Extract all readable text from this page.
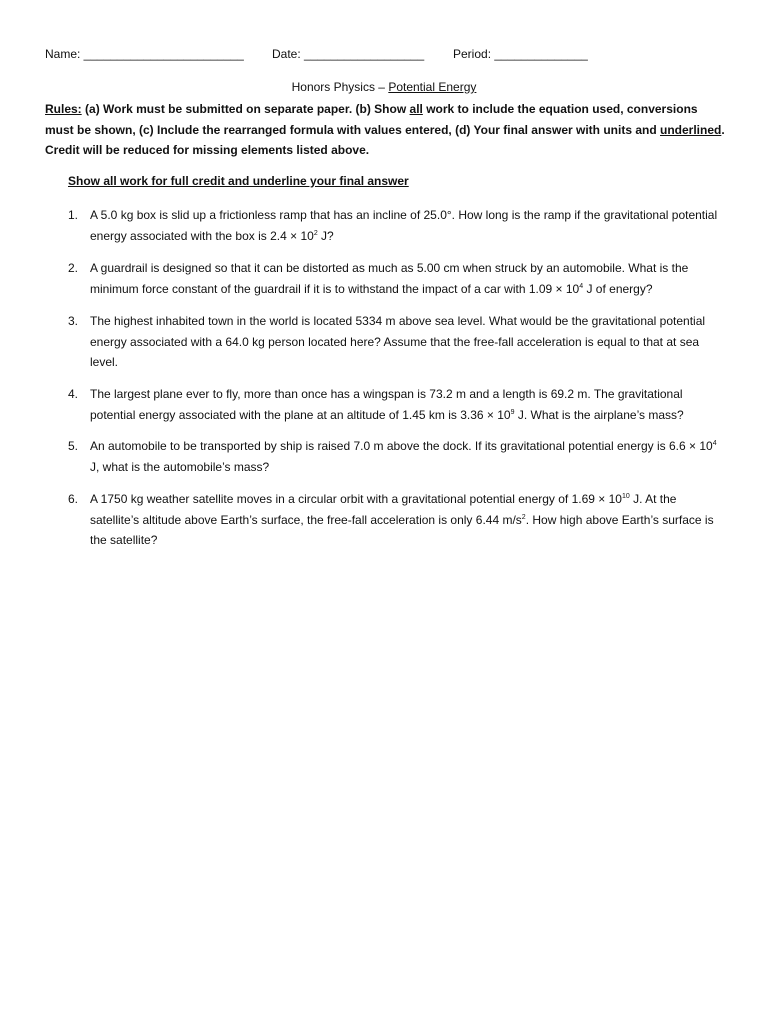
Name: ________________________ Date: __________________ Period: ______________
Honors Physics – Potential Energy
Rules: (a) Work must be submitted on separate paper. (b) Show all work to include the equation used, conversions must be shown, (c) Include the rearranged formula with values entered, (d) Your final answer with units and underlined. Credit will be reduced for missing elements listed above.
Show all work for full credit and underline your final answer
1. A 5.0 kg box is slid up a frictionless ramp that has an incline of 25.0°. How long is the ramp if the gravitational potential energy associated with the box is $2.4 \times 10^2$ J?
2. A guardrail is designed so that it can be distorted as much as 5.00 cm when struck by an automobile. What is the minimum force constant of the guardrail if it is to withstand the impact of a car with $1.09 \times 10^4$ J of energy?
3. The highest inhabited town in the world is located 5334 m above sea level. What would be the gravitational potential energy associated with a 64.0 kg person located here? Assume that the free-fall acceleration is equal to that at sea level.
4. The largest plane ever to fly, more than once has a wingspan is 73.2 m and a length is 69.2 m. The gravitational potential energy associated with the plane at an altitude of 1.45 km is $3.36 \times 10^9$ J. What is the airplane’s mass?
5. An automobile to be transported by ship is raised 7.0 m above the dock. If its gravitational potential energy is $6.6 \times 10^4$ J, what is the automobile’s mass?
6. A 1750 kg weather satellite moves in a circular orbit with a gravitational potential energy of $1.69 \times 10^{10}$ J. At the satellite’s altitude above Earth’s surface, the free-fall acceleration is only 6.44 $m/s^2$. How high above Earth’s surface is the satellite?
